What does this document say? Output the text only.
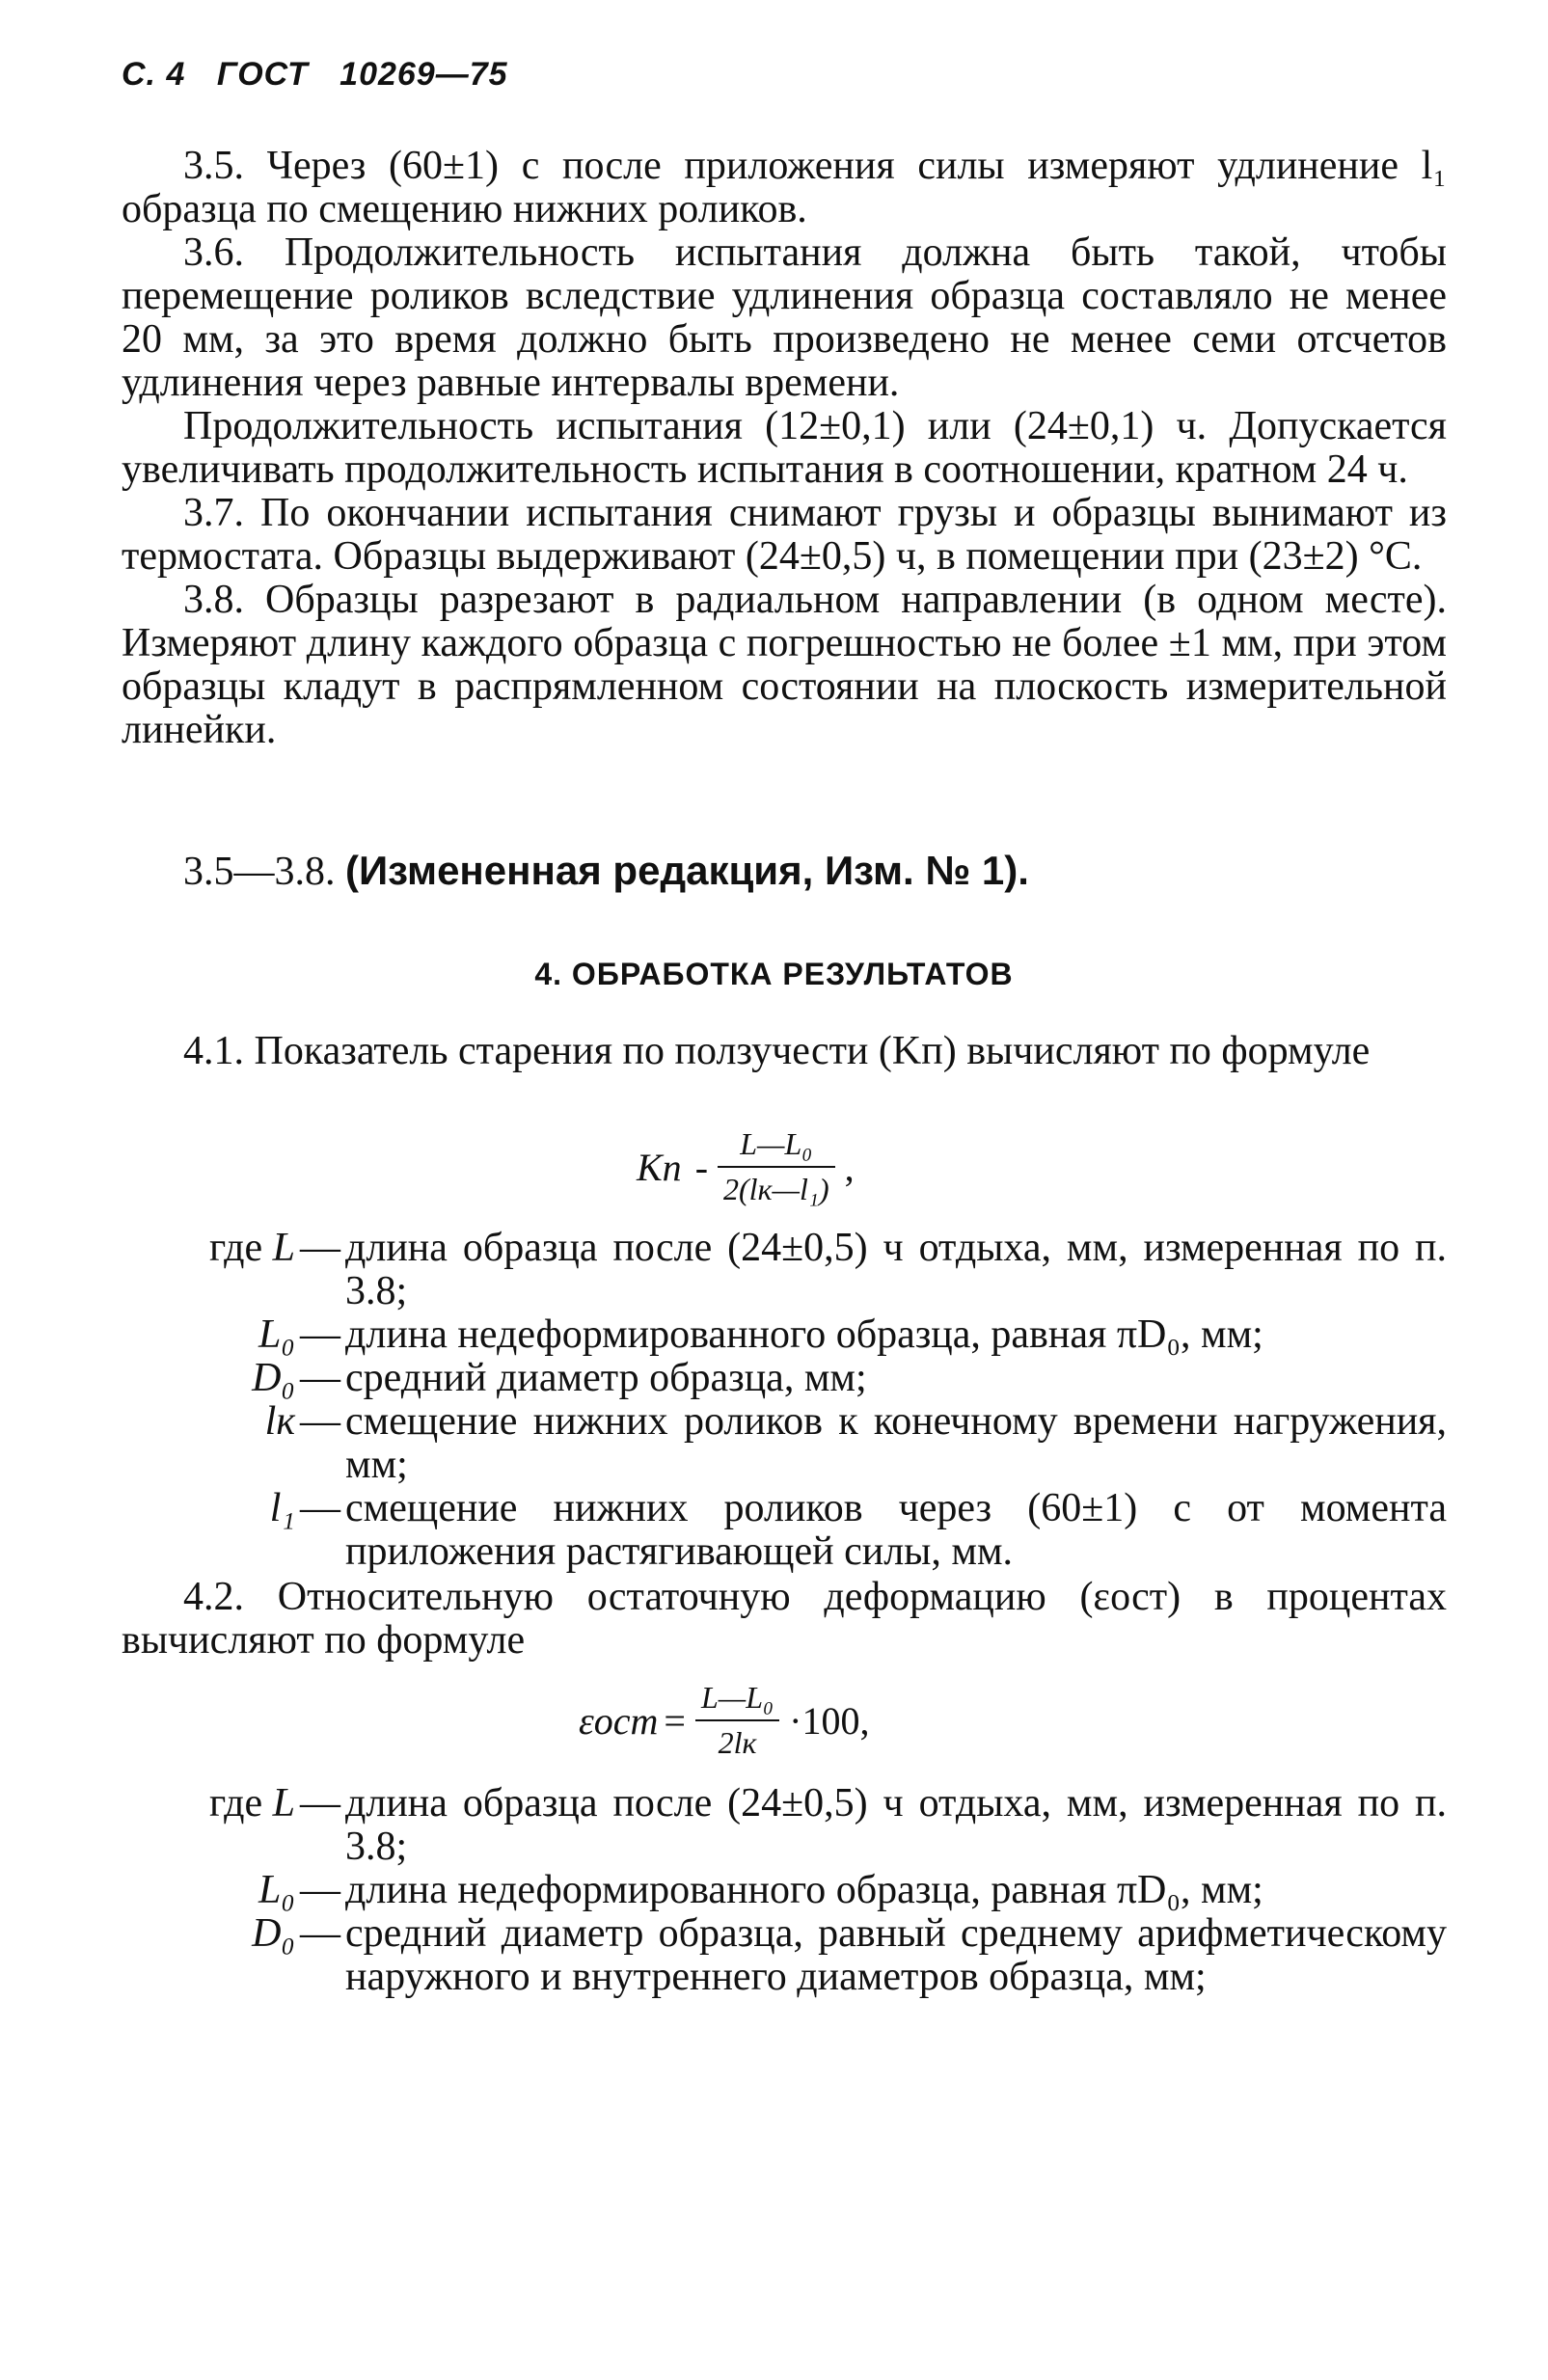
С. 4 ГОСТ 10269—75

3.5. Через (60±1) с после приложения силы измеряют удлинение l₁ образца по смещению нижних роликов.

3.6. Продолжительность испытания должна быть такой, чтобы перемещение роликов вследствие удлинения образца составляло не менее 20 мм, за это время должно быть произведено не менее семи отсчетов удлинения через равные интервалы времени.

Продолжительность испытания (12±0,1) или (24±0,1) ч. Допускается увеличивать продолжительность испытания в соотношении, кратном 24 ч.

3.7. По окончании испытания снимают грузы и образцы вынимают из термостата. Образцы выдерживают (24±0,5) ч, в помещении при (23±2) °С.

3.8. Образцы разрезают в радиальном направлении (в одном месте). Измеряют длину каждого образца с погрешностью не более ±1 мм, при этом образцы кладут в распрямленном состоянии на плоскость измерительной линейки.

3.5—3.8. (Измененная редакция, Изм. № 1).

4. ОБРАБОТКА РЕЗУЛЬТАТОВ

4.1. Показатель старения по ползучести (Kп) вычисляют по формуле

Kп - $\frac{\text{L—L₀}}{\text{2(lк—l₁)}}$ ,
где L — длина образца после (24±0,5) ч отдыха, мм, измеренная по п. 3.8;
L₀ — длина недеформированного образца, равная πD₀, мм;
D₀ — средний диаметр образца, мм;
lк — смещение нижних роликов к конечному времени нагружения, мм;
l₁ — смещение нижних роликов через (60±1) с от момента приложения растягивающей силы, мм.

4.2. Относительную остаточную деформацию (εост) в процентах вычисляют по формуле

$\varepsilon ост = \frac{\text{L—L₀}}{2lк} \cdot 100$,
где L — длина образца после (24±0,5) ч отдыха, мм, измеренная по п. 3.8;
L₀ — длина недеформированного образца, равная πD₀, мм;
D₀ — средний диаметр образца, равный среднему арифметическому наружного и внутреннего диаметров образца, мм;
